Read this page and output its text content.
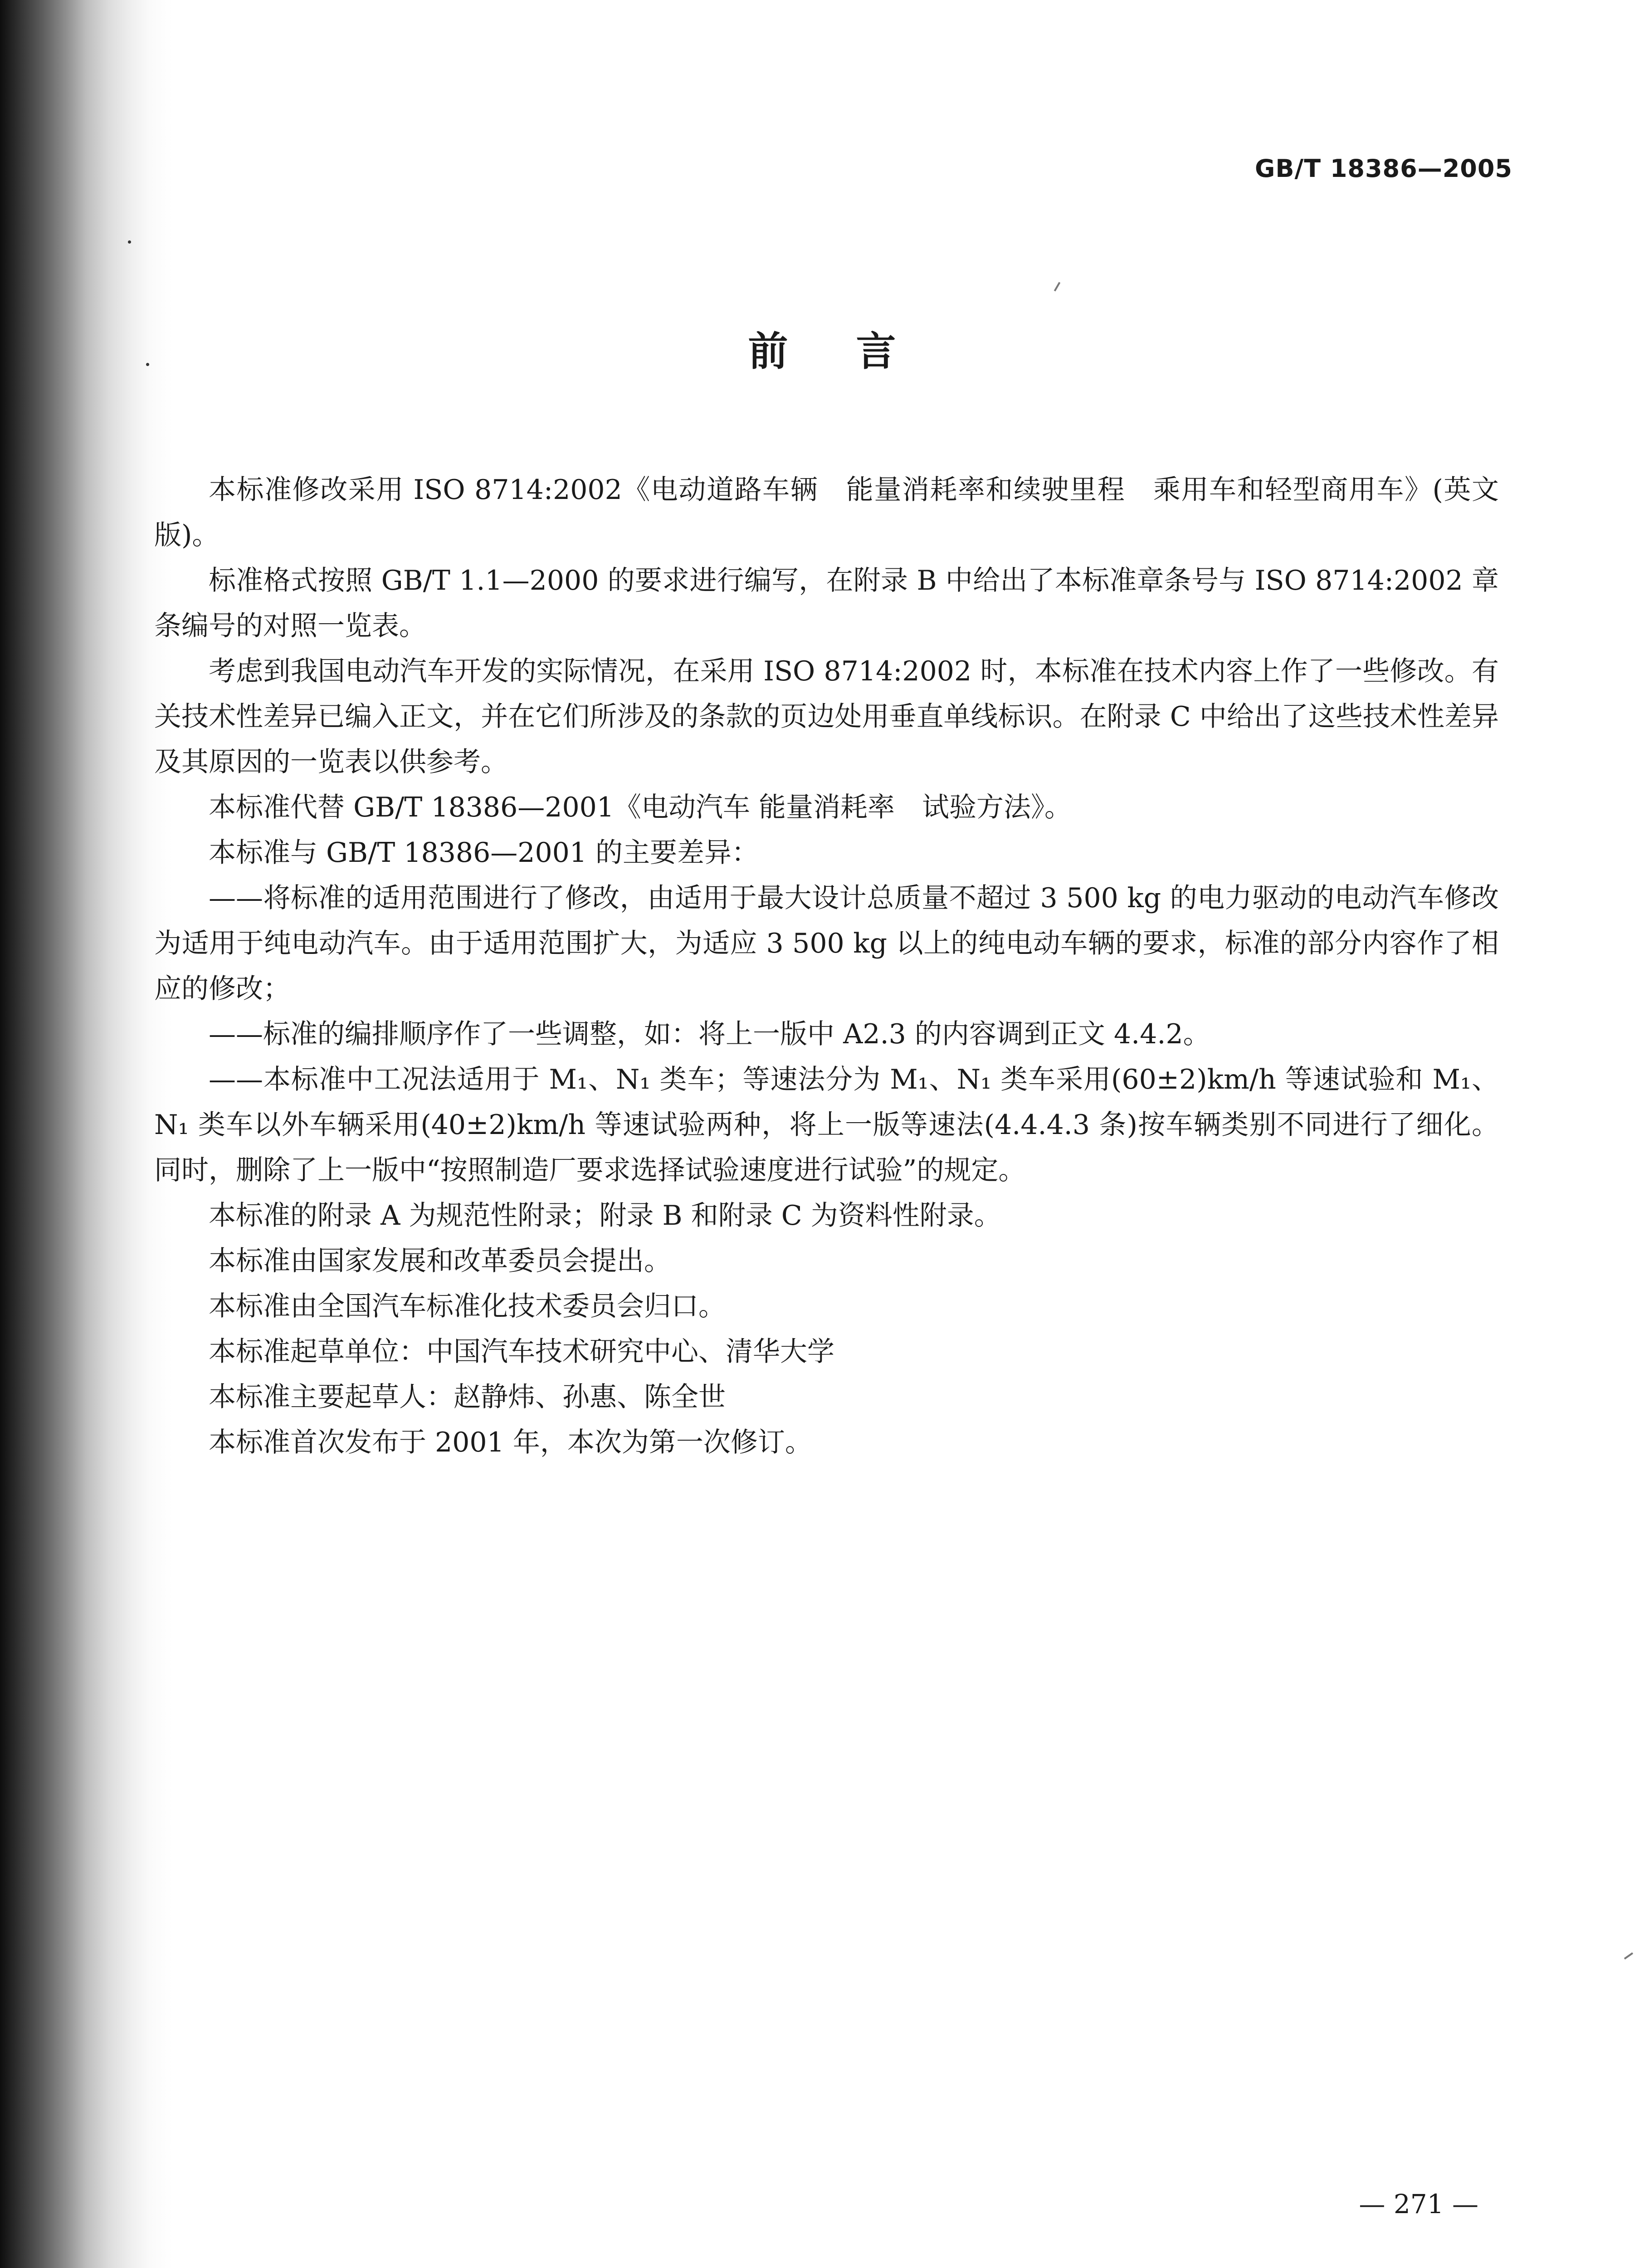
GB/T 18386—2005
前言

本标准修改采用 ISO 8714:2002《电动道路车辆　能量消耗率和续驶里程　乘用车和轻型商用车》(英文版)。

标准格式按照 GB/T 1.1—2000 的要求进行编写，在附录 B 中给出了本标准章条号与 ISO 8714:2002 章条编号的对照一览表。

考虑到我国电动汽车开发的实际情况，在采用 ISO 8714:2002 时，本标准在技术内容上作了一些修改。有关技术性差异已编入正文，并在它们所涉及的条款的页边处用垂直单线标识。在附录 C 中给出了这些技术性差异及其原因的一览表以供参考。

本标准代替 GB/T 18386—2001《电动汽车 能量消耗率　试验方法》。

本标准与 GB/T 18386—2001 的主要差异：

——将标准的适用范围进行了修改，由适用于最大设计总质量不超过 3 500 kg 的电力驱动的电动汽车修改为适用于纯电动汽车。由于适用范围扩大，为适应 3 500 kg 以上的纯电动车辆的要求，标准的部分内容作了相应的修改；

——标准的编排顺序作了一些调整，如：将上一版中 A2.3 的内容调到正文 4.4.2。

——本标准中工况法适用于 M₁、N₁ 类车；等速法分为 M₁、N₁ 类车采用(60±2)km/h 等速试验和 M₁、N₁ 类车以外车辆采用(40±2)km/h 等速试验两种，将上一版等速法(4.4.4.3 条)按车辆类别不同进行了细化。同时，删除了上一版中“按照制造厂要求选择试验速度进行试验”的规定。

本标准的附录 A 为规范性附录；附录 B 和附录 C 为资料性附录。

本标准由国家发展和改革委员会提出。

本标准由全国汽车标准化技术委员会归口。

本标准起草单位：中国汽车技术研究中心、清华大学

本标准主要起草人：赵静炜、孙惠、陈全世

本标准首次发布于 2001 年，本次为第一次修订。

— 271 —
